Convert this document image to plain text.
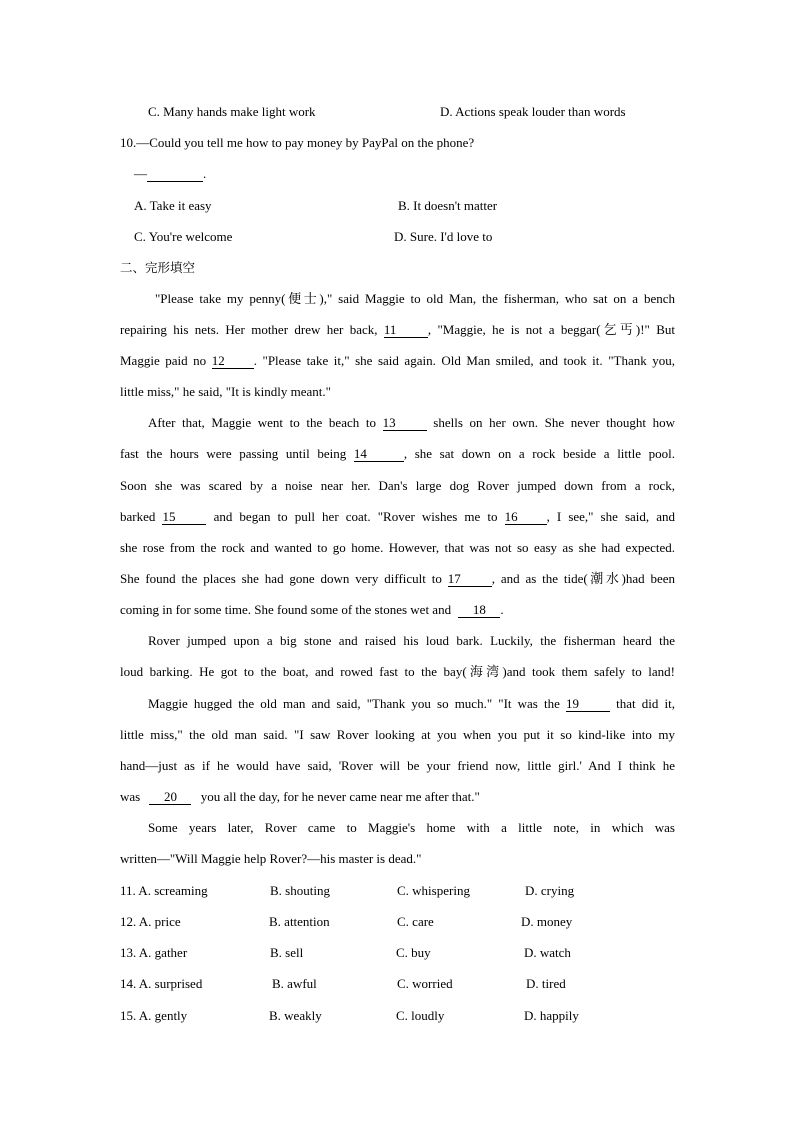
C. Many hands make light work	D. Actions speak louder than words
10.—Could you tell me how to pay money by PayPal on the phone?
—	.
A. Take it easy	B. It doesn't matter
C. You're welcome	D. Sure. I'd love to
二、完形填空
"Please take my penny(便士)," said Maggie to old Man, the fisherman, who sat on a bench
repairing his nets. Her mother drew her back, 11 , "Maggie, he is not a beggar(乞丐)!" But
Maggie paid no 12 . "Please take it," she said again. Old Man smiled, and took it. "Thank you,
little miss," he said, "It is kindly meant."
After that, Maggie went to the beach to 13	shells on her own. She never thought how
fast the hours were passing until being 14	, she sat down on a rock beside a little pool.
Soon she was scared by a noise near her. Dan's large dog Rover jumped down from a rock,
barked 15	and began to pull her coat. "Rover wishes me to 16 , I see," she said, and
she rose from the rock and wanted to go home. However, that was not so easy as she had expected.
She found the places she had gone down very difficult to 17 , and as the tide(潮水)had been
coming in for some time. She found some of the stones wet and 18 .
Rover jumped upon a big stone and raised his loud bark. Luckily, the fisherman heard the
loud barking. He got to the boat, and rowed fast to the bay(海湾)and took them safely to land!
Maggie hugged the old man and said, "Thank you so much." "It was the 19	that did it,
little miss," the old man said. "I saw Rover looking at you when you put it so kind-like into my
hand—just as if he would have said, 'Rover will be your friend now, little girl.' And I think he
was 20 you all the day, for he never came near me after that."
Some years later, Rover came to Maggie's home with a little note, in which was
written—"Will Maggie help Rover?—his master is dead."
11. A. screaming	B. shouting	C. whispering	D. crying
12. A. price	B. attention	C. care	D. money
13. A. gather	B. sell	C. buy	D. watch
14. A. surprised	B. awful	C. worried	D. tired
15. A. gently	B. weakly	C. loudly	D. happily
